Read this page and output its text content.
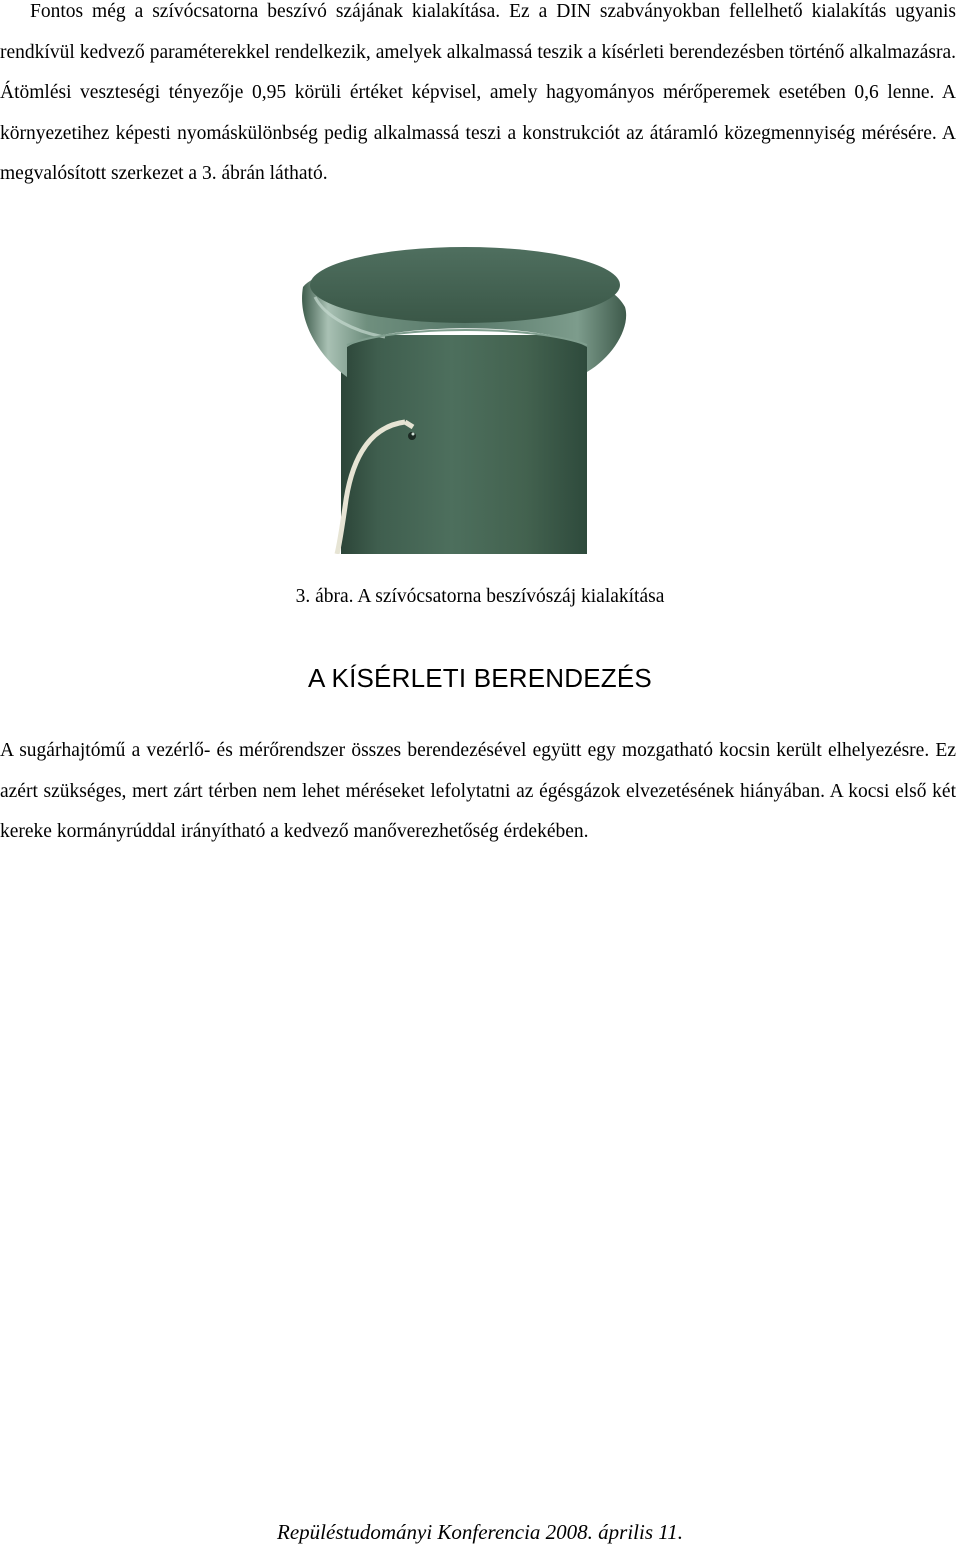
Fontos még a szívócsatorna beszívó szájának kialakítása. Ez a DIN szabványokban fellelhető kialakítás ugyanis rendkívül kedvező paraméterekkel rendelkezik, amelyek alkalmassá teszik a kísérleti berendezésben történő alkalmazásra. Átömlési veszteségi tényezője 0,95 körüli értéket képvisel, amely hagyományos mérőperemek esetében 0,6 lenne. A környezetihez képesti nyomáskülönbség pedig alkalmassá teszi a konstrukciót az átáramló közegmennyiség mérésére. A megvalósított szerkezet a 3. ábrán látható.

3. ábra. A szívócsatorna beszívószáj kialakítása
A KÍSÉRLETI BERENDEZÉS

A sugárhajtómű a vezérlő- és mérőrendszer összes berendezésével együtt egy mozgatható kocsin került elhelyezésre. Ez azért szükséges, mert zárt térben nem lehet méréseket lefolytatni az égésgázok elvezetésének hiányában. A kocsi első két kereke kormányrúddal irányítható a kedvező manőverezhetőség érdekében.

Repüléstudományi Konferencia 2008. április 11.
